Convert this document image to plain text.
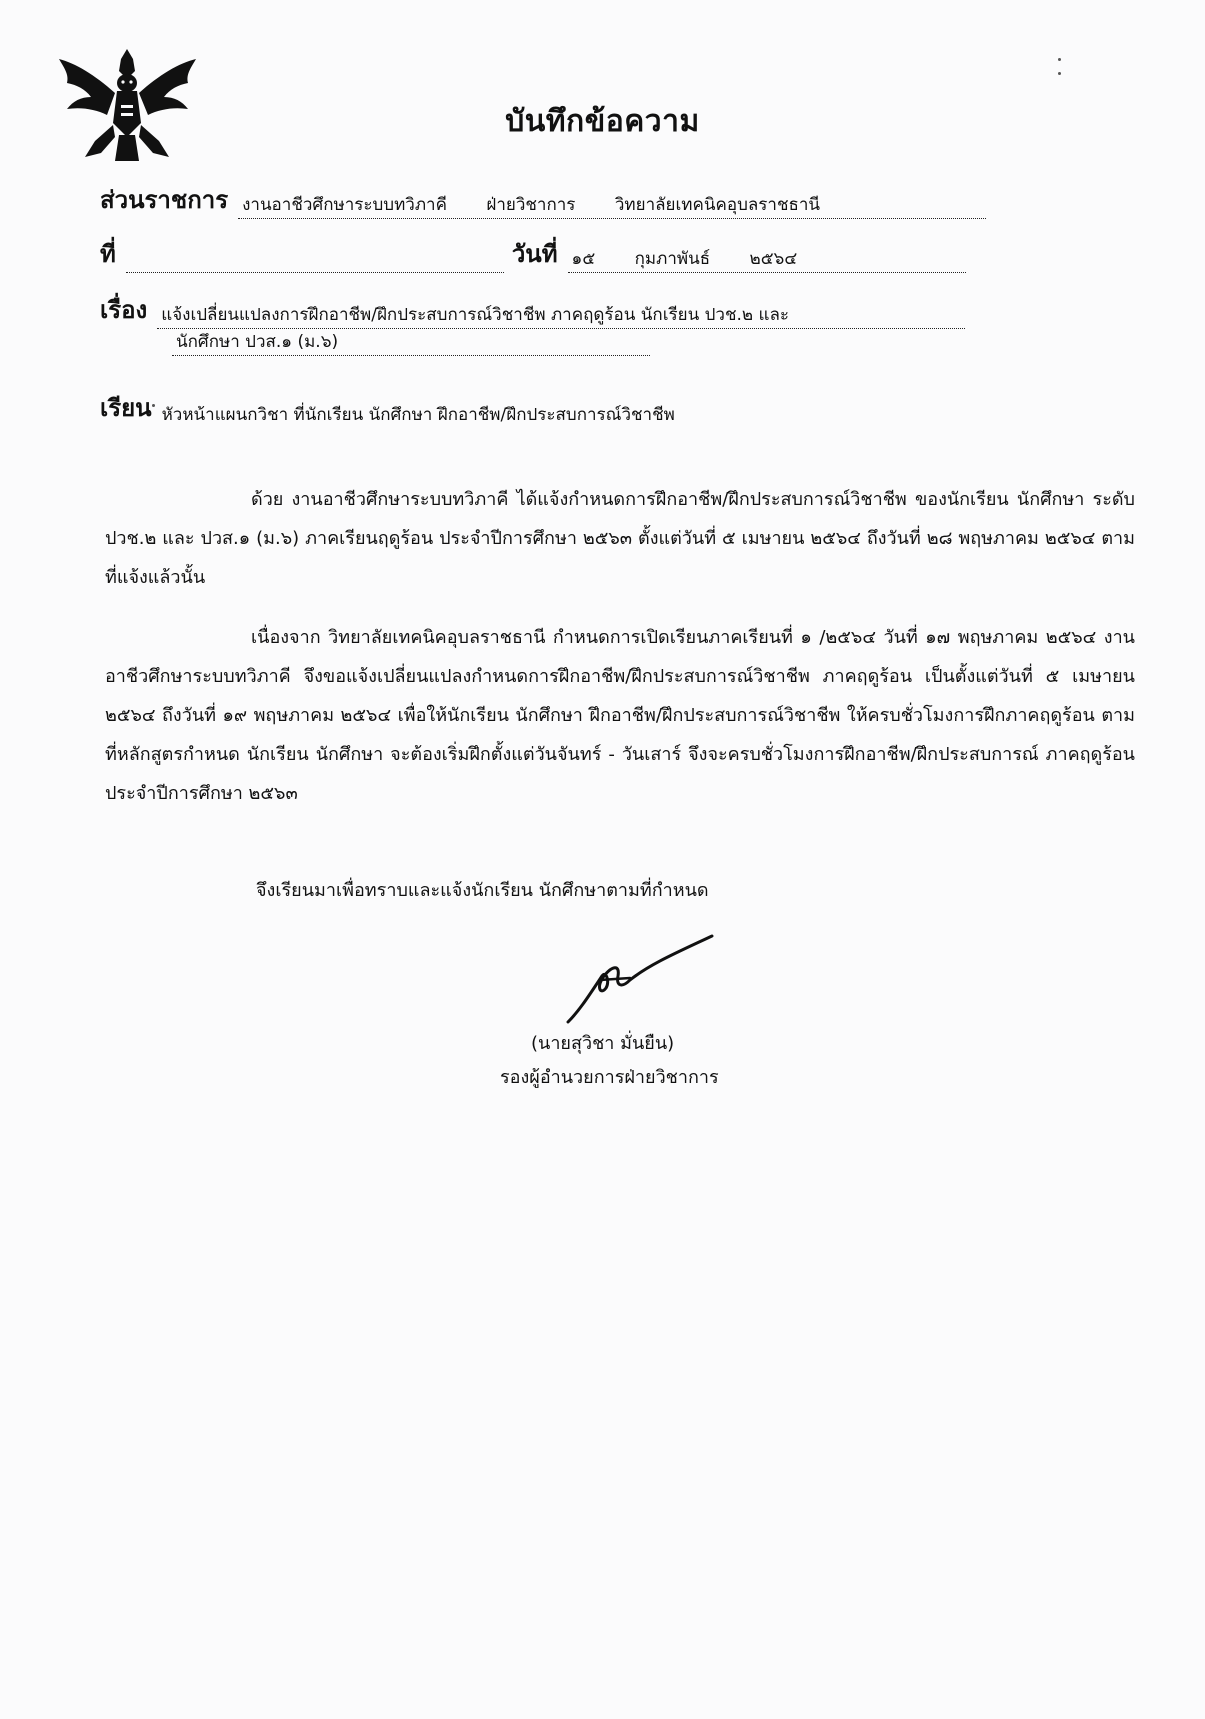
บันทึกข้อความ
ส่วนราชการ งานอาชีวศึกษาระบบทวิภาคี ฝ่ายวิชาการ วิทยาลัยเทคนิคอุบลราชธานี
ที่
	วันที่ ๑๕ กุมภาพันธ์ ๒๕๖๔
เรื่อง แจ้งเปลี่ยนแปลงการฝึกอาชีพ/ฝึกประสบการณ์วิชาชีพ ภาคฤดูร้อน นักเรียน ปวช.๒ และ
นักศึกษา ปวส.๑ (ม.๖)
เรียน หัวหน้าแผนกวิชา ที่นักเรียน นักศึกษา ฝึกอาชีพ/ฝึกประสบการณ์วิชาชีพ
ด้วย งานอาชีวศึกษาระบบทวิภาคี ได้แจ้งกำหนดการฝึกอาชีพ/ฝึกประสบการณ์วิชาชีพ ของนักเรียน นักศึกษา ระดับ ปวช.๒ และ ปวส.๑ (ม.๖) ภาคเรียนฤดูร้อน ประจำปีการศึกษา ๒๕๖๓ ตั้งแต่วันที่ ๕ เมษายน ๒๕๖๔ ถึงวันที่ ๒๘ พฤษภาคม ๒๕๖๔ ตามที่แจ้งแล้วนั้น
เนื่องจาก วิทยาลัยเทคนิคอุบลราชธานี กำหนดการเปิดเรียนภาคเรียนที่ ๑ /๒๕๖๔ วันที่ ๑๗ พฤษภาคม ๒๕๖๔ งานอาชีวศึกษาระบบทวิภาคี จึงขอแจ้งเปลี่ยนแปลงกำหนดการฝึกอาชีพ/ฝึกประสบการณ์วิชาชีพ ภาคฤดูร้อน เป็นตั้งแต่วันที่ ๕ เมษายน ๒๕๖๔ ถึงวันที่ ๑๙ พฤษภาคม ๒๕๖๔ เพื่อให้นักเรียน นักศึกษา ฝึกอาชีพ/ฝึกประสบการณ์วิชาชีพ ให้ครบชั่วโมงการฝึกภาคฤดูร้อน ตามที่หลักสูตรกำหนด นักเรียน นักศึกษา จะต้องเริ่มฝึกตั้งแต่วันจันทร์ - วันเสาร์ จึงจะครบชั่วโมงการฝึกอาชีพ/ฝึกประสบการณ์ ภาคฤดูร้อน ประจำปีการศึกษา ๒๕๖๓
จึงเรียนมาเพื่อทราบและแจ้งนักเรียน นักศึกษาตามที่กำหนด
(นายสุวิชา มั่นยืน)
รองผู้อำนวยการฝ่ายวิชาการ
